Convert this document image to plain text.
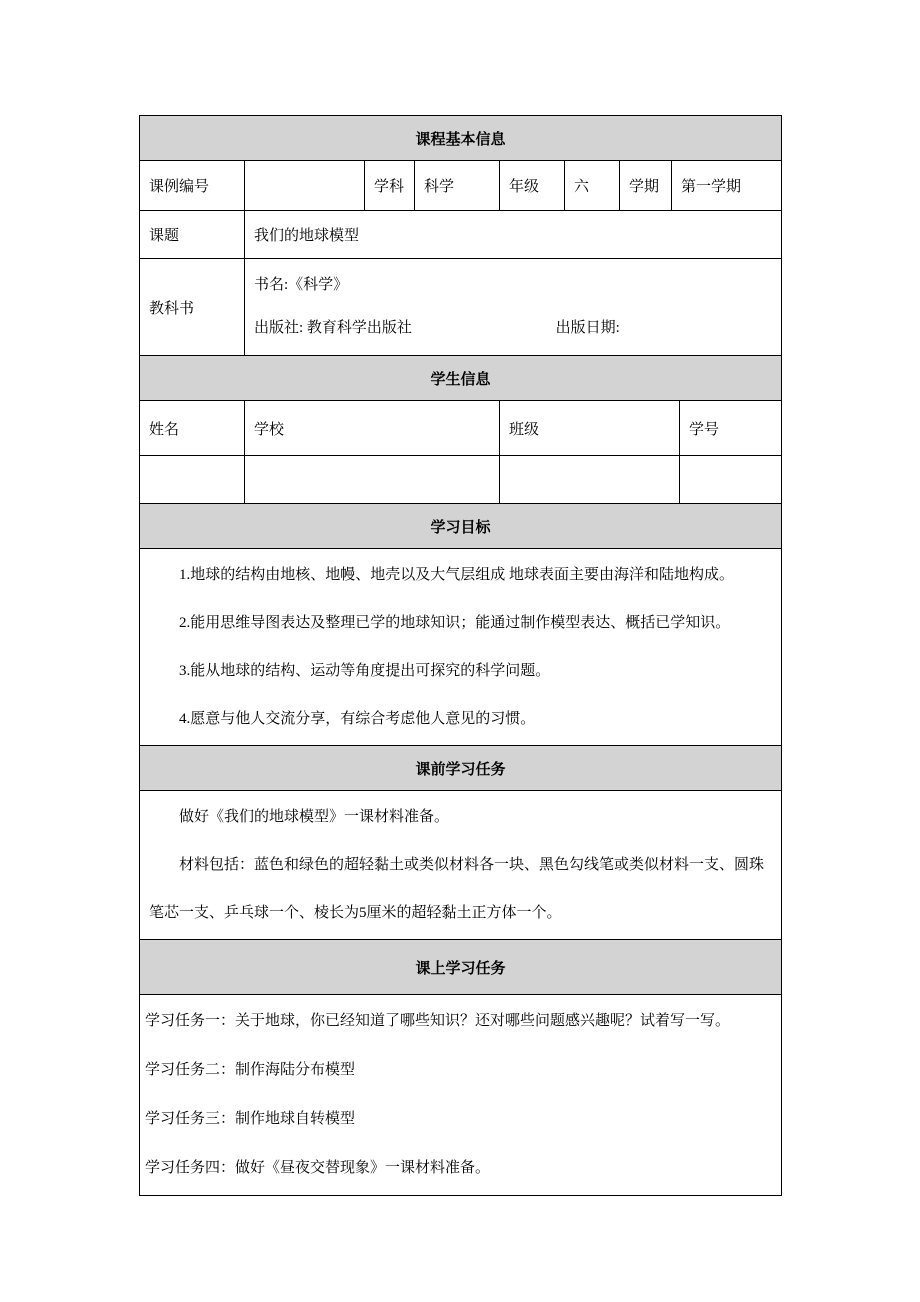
课程基本信息							
课例编号		学科	科学	年级	六	学期	第一学期
课题	我们的地球模型						
教科书	书名:《科学》

出版社: 教育科学出版社 出版日期:						

学生信息			
姓名	学校	班级	学号

学习目标

1.地球的结构由地核、地幔、地壳以及大气层组成 地球表面主要由海洋和陆地构成。

2.能用思维导图表达及整理已学的地球知识；能通过制作模型表达、概括已学知识。

3.能从地球的结构、运动等角度提出可探究的科学问题。

4.愿意与他人交流分享，有综合考虑他人意见的习惯。

课前学习任务

做好《我们的地球模型》一课材料准备。

材料包括：蓝色和绿色的超轻黏土或类似材料各一块、黑色勾线笔或类似材料一支、圆珠笔芯一支、乒乓球一个、棱长为5厘米的超轻黏土正方体一个。

课上学习任务

学习任务一：关于地球，你已经知道了哪些知识？还对哪些问题感兴趣呢？试着写一写。

学习任务二：制作海陆分布模型

学习任务三：制作地球自转模型

学习任务四：做好《昼夜交替现象》一课材料准备。
